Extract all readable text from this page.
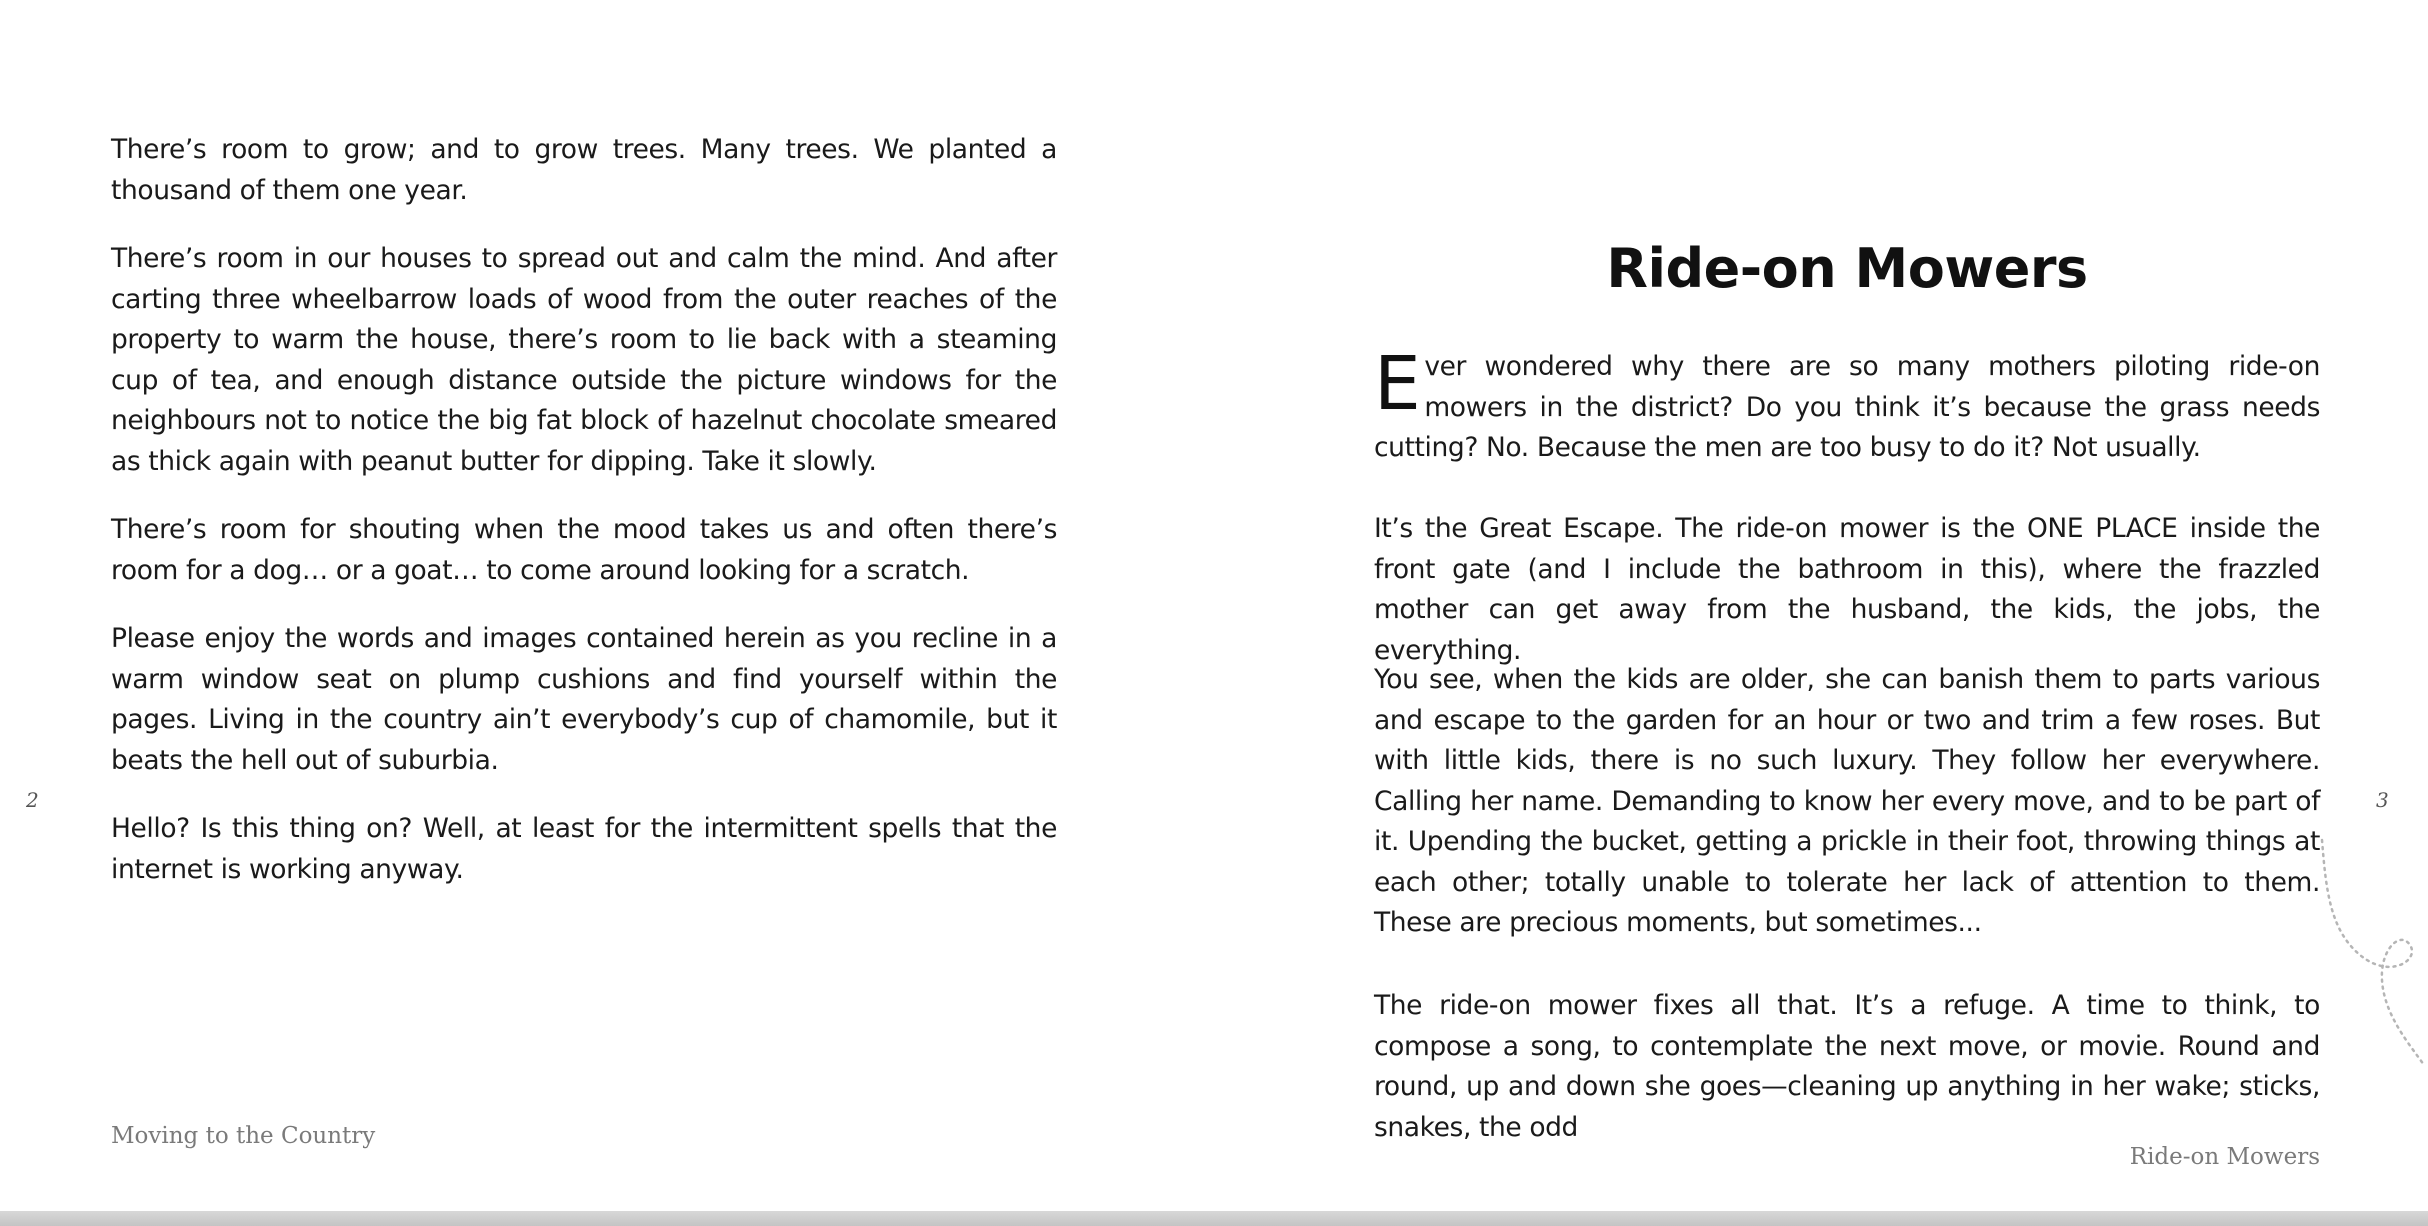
There’s room to grow; and to grow trees. Many trees. We planted a thousand of them one year.

There’s room in our houses to spread out and calm the mind. And after carting three wheelbarrow loads of wood from the outer reaches of the property to warm the house, there’s room to lie back with a steaming cup of tea, and enough distance outside the picture windows for the neighbours not to notice the big fat block of hazelnut chocolate smeared as thick again with peanut butter for dipping. Take it slowly.

There’s room for shouting when the mood takes us and often there’s room for a dog… or a goat… to come around looking for a scratch.

Please enjoy the words and images contained herein as you recline in a warm window seat on plump cushions and find yourself within the pages. Living in the country ain’t everybody’s cup of chamomile, but it beats the hell out of suburbia.

Hello? Is this thing on? Well, at least for the intermittent spells that the internet is working anyway.

2
Moving to the Country
Ride-on Mowers

Ever wondered why there are so many mothers piloting ride-on mowers in the district? Do you think it’s because the grass needs cutting? No. Because the men are too busy to do it? Not usually.

It’s the Great Escape. The ride-on mower is the ONE PLACE inside the front gate (and I include the bathroom in this), where the frazzled mother can get away from the husband, the kids, the jobs, the everything.

You see, when the kids are older, she can banish them to parts various and escape to the garden for an hour or two and trim a few roses. But with little kids, there is no such luxury. They follow her everywhere. Calling her name. Demanding to know her every move, and to be part of it. Upending the bucket, getting a prickle in their foot, throwing things at each other; totally unable to tolerate her lack of attention to them. These are precious moments, but sometimes...

The ride-on mower fixes all that. It’s a refuge. A time to think, to compose a song, to contemplate the next move, or movie. Round and round, up and down she goes—cleaning up anything in her wake; sticks, snakes, the odd

3
Ride-on Mowers
